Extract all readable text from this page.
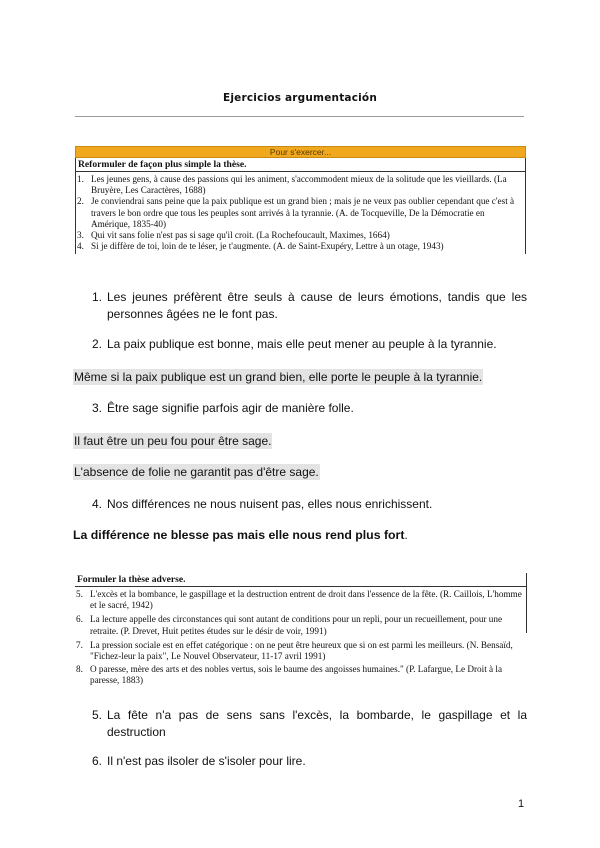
Ejercicios argumentación
Pour s'exercer...
Reformuler de façon plus simple la thèse.
1. Les jeunes gens, à cause des passions qui les animent, s'accommodent mieux de la solitude que les vieillards. (La Bruyère, Les Caractères, 1688)
2. Je conviendrai sans peine que la paix publique est un grand bien ; mais je ne veux pas oublier cependant que c'est à travers le bon ordre que tous les peuples sont arrivés à la tyrannie. (A. de Tocqueville, De la Démocratie en Amérique, 1835-40)
3. Qui vit sans folie n'est pas si sage qu'il croit. (La Rochefoucault, Maximes, 1664)
4. Si je diffère de toi, loin de te léser, je t'augmente. (A. de Saint-Exupéry, Lettre à un otage, 1943)
1. Les jeunes préfèrent être seuls à cause de leurs émotions, tandis que les personnes âgées ne le font pas.
2. La paix publique est bonne, mais elle peut mener au peuple à la tyrannie.
Même si la paix publique est un grand bien, elle porte le peuple à la tyrannie.
3. Être sage signifie parfois agir de manière folle.
Il faut être un peu fou pour être sage.
L'absence de folie ne garantit pas d'être sage.
4. Nos différences ne nous nuisent pas, elles nous enrichissent.
La différence ne blesse pas mais elle nous rend plus fort.
Formuler la thèse adverse.
5. L'excès et la bombance, le gaspillage et la destruction entrent de droit dans l'essence de la fête. (R. Caillois, L'homme et le sacré, 1942)
6. La lecture appelle des circonstances qui sont autant de conditions pour un repli, pour un recueillement, pour une retraite. (P. Drevet, Huit petites études sur le désir de voir, 1991)
7. La pression sociale est en effet catégorique : on ne peut être heureux que si on est parmi les meilleurs. (N. Bensaïd, "Fichez-leur la paix", Le Nouvel Observateur, 11-17 avril 1991)
8. O paresse, mère des arts et des nobles vertus, sois le baume des angoisses humaines." (P. Lafargue, Le Droit à la paresse, 1883)
5. La fête n'a pas de sens sans l'excès, la bombarde, le gaspillage et la destruction
6. Il n'est pas ilsoler de s'isoler pour lire.
1
